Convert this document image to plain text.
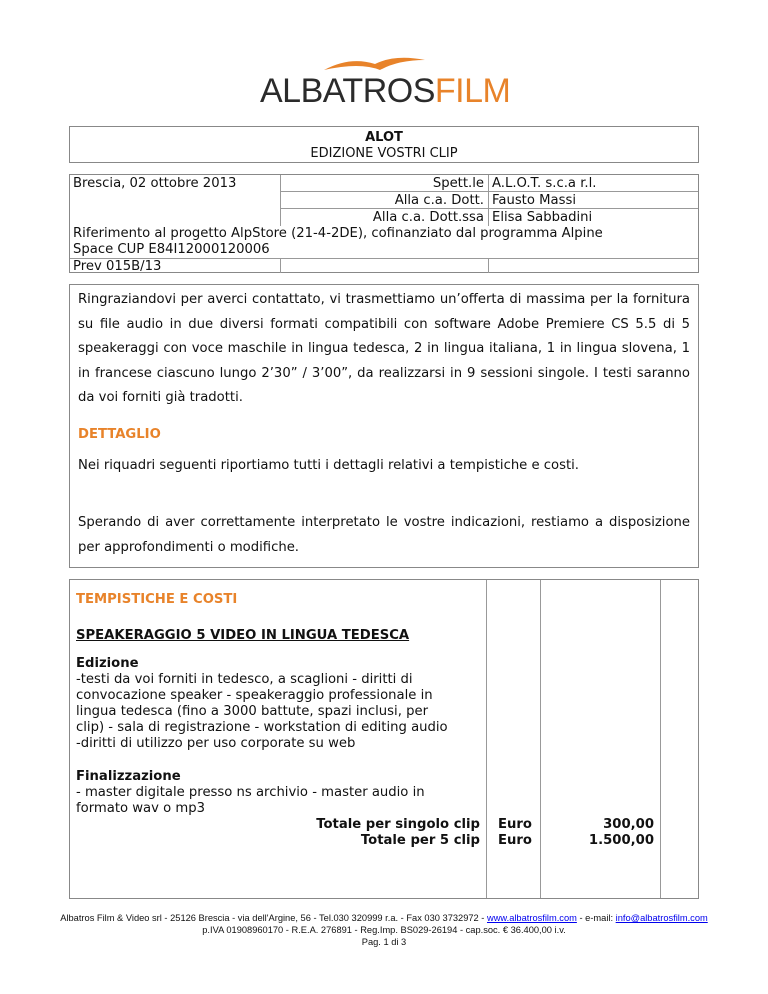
ALBATROSFILM
ALOT
EDIZIONE VOSTRI CLIP
Brescia, 02 ottobre 2013	Spett.le A.L.O.T. s.c.a r.l.
Alla c.a. Dott. Fausto Massi
Alla c.a. Dott.ssa Elisa Sabbadini
Riferimento al progetto AlpStore (21-4-2DE), cofinanziato dal programma Alpine
Space CUP E84I12000120006
Prev 015B/13
Ringraziandovi per averci contattato, vi trasmettiamo un’offerta di massima per la fornitura su file audio in due diversi formati compatibili con software Adobe Premiere CS 5.5 di 5 speakeraggi con voce maschile in lingua tedesca, 2 in lingua italiana, 1 in lingua slovena, 1 in francese ciascuno lungo 2’30” / 3’00”, da realizzarsi in 9 sessioni singole. I testi saranno da voi forniti già tradotti.
DETTAGLIO
Nei riquadri seguenti riportiamo tutti i dettagli relativi a tempistiche e costi.
Sperando di aver correttamente interpretato le vostre indicazioni, restiamo a disposizione per approfondimenti o modifiche.
TEMPISTICHE E COSTI
SPEAKERAGGIO 5 VIDEO IN LINGUA TEDESCA
Edizione
-testi da voi forniti in tedesco, a scaglioni - diritti di
convocazione speaker - speakeraggio professionale in
lingua tedesca (fino a 3000 battute, spazi inclusi, per
clip) - sala di registrazione - workstation di editing audio
-diritti di utilizzo per uso corporate su web
Finalizzazione
- master digitale presso ns archivio - master audio in
formato wav o mp3
Totale per singolo clip Euro	300,00
Totale per 5 clip Euro	1.500,00
Albatros Film & Video srl - 25126 Brescia - via dell'Argine, 56 - Tel.030 320999 r.a. - Fax 030 3732972 - www.albatrosfilm.com - e-mail: info@albatrosfilm.com
p.IVA 01908960170 - R.E.A. 276891 - Reg.Imp. BS029-26194 - cap.soc. € 36.400,00 i.v.
Pag. 1 di 3
